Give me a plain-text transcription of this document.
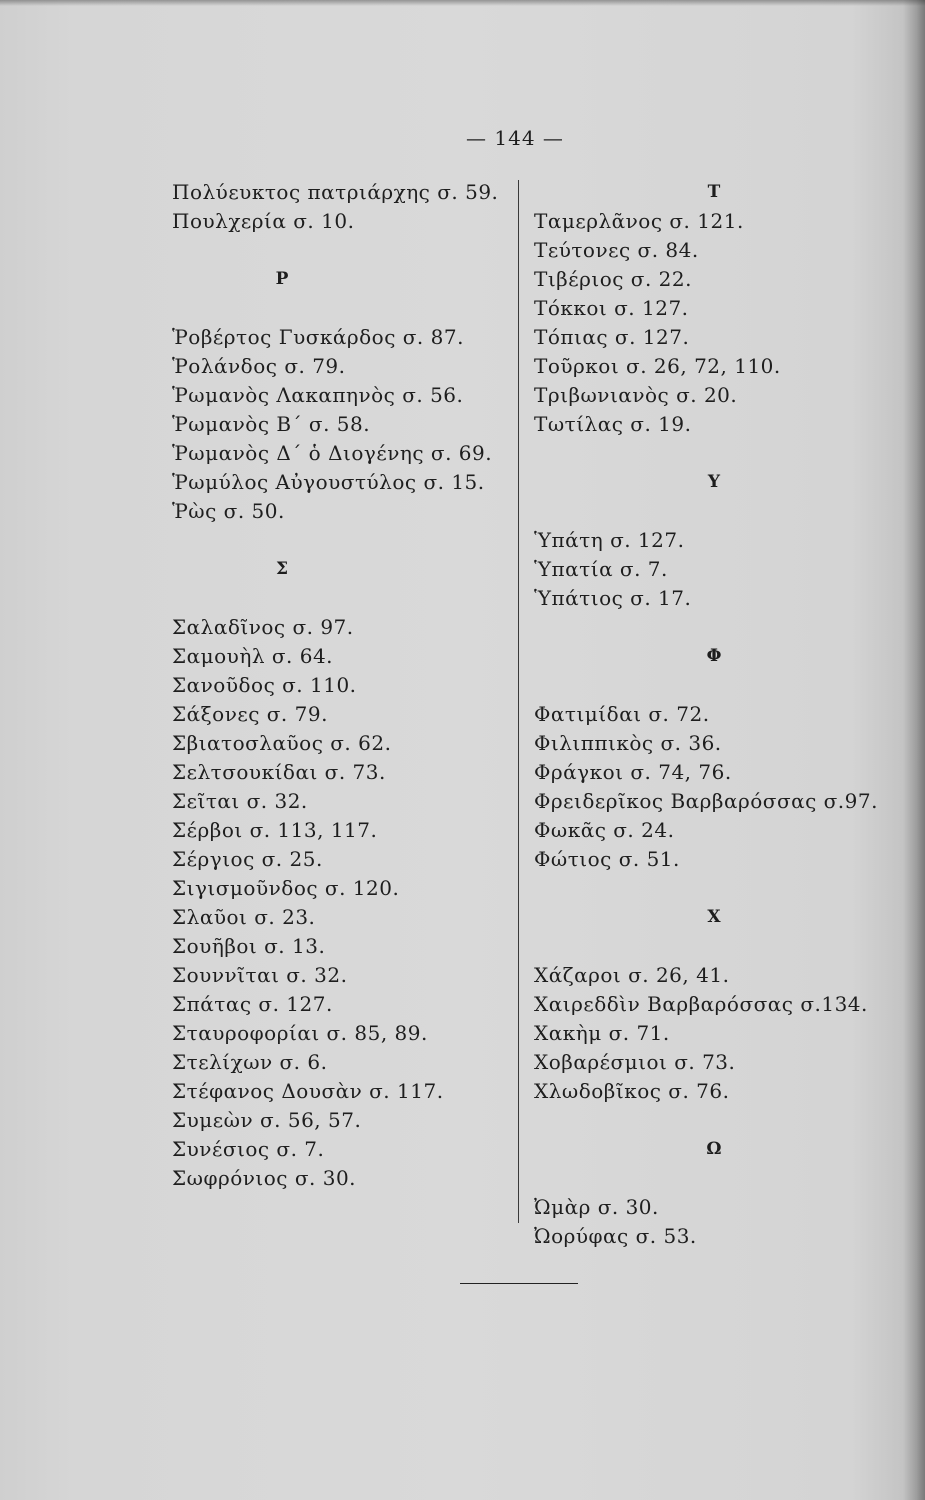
— 144 —
Πολύευκτος πατριάρχης σ. 59.
Πουλχερία σ. 10.
Ρ
Ῥοβέρτος Γυσκάρδος σ. 87.
Ῥολάνδος σ. 79.
Ῥωμανὸς Λακαπηνὸς σ. 56.
Ῥωμανὸς Β΄ σ. 58.
Ῥωμανὸς Δ΄ ὁ Διογένης σ. 69.
Ῥωμύλος Αὐγουστύλος σ. 15.
Ῥὼς σ. 50.
Σ
Σαλαδῖνος σ. 97.
Σαμουὴλ σ. 64.
Σανοῦδος σ. 110.
Σάξονες σ. 79.
Σβιατοσλαῦος σ. 62.
Σελτσουκίδαι σ. 73.
Σεῖται σ. 32.
Σέρβοι σ. 113, 117.
Σέργιος σ. 25.
Σιγισμοῦνδος σ. 120.
Σλαῦοι σ. 23.
Σουῆβοι σ. 13.
Σουννῖται σ. 32.
Σπάτας σ. 127.
Σταυροφορίαι σ. 85, 89.
Στελίχων σ. 6.
Στέφανος Δουσὰν σ. 117.
Συμεὼν σ. 56, 57.
Συνέσιος σ. 7.
Σωφρόνιος σ. 30.
Τ
Ταμερλᾶνος σ. 121.
Τεύτονες σ. 84.
Τιβέριος σ. 22.
Τόκκοι σ. 127.
Τόπιας σ. 127.
Τοῦρκοι σ. 26, 72, 110.
Τριβωνιανὸς σ. 20.
Τωτίλας σ. 19.
Υ
Ὑπάτη σ. 127.
Ὑπατία σ. 7.
Ὑπάτιος σ. 17.
Φ
Φατιμίδαι σ. 72.
Φιλιππικὸς σ. 36.
Φράγκοι σ. 74, 76.
Φρειδερῖκος Βαρβαρόσσας σ.97.
Φωκᾶς σ. 24.
Φώτιος σ. 51.
Χ
Χάζαροι σ. 26, 41.
Χαιρεδδὶν Βαρβαρόσσας σ.134.
Χακὴμ σ. 71.
Χοβαρέσμιοι σ. 73.
Χλωδοβῖκος σ. 76.
Ω
Ὠμὰρ σ. 30.
Ὠορύφας σ. 53.
